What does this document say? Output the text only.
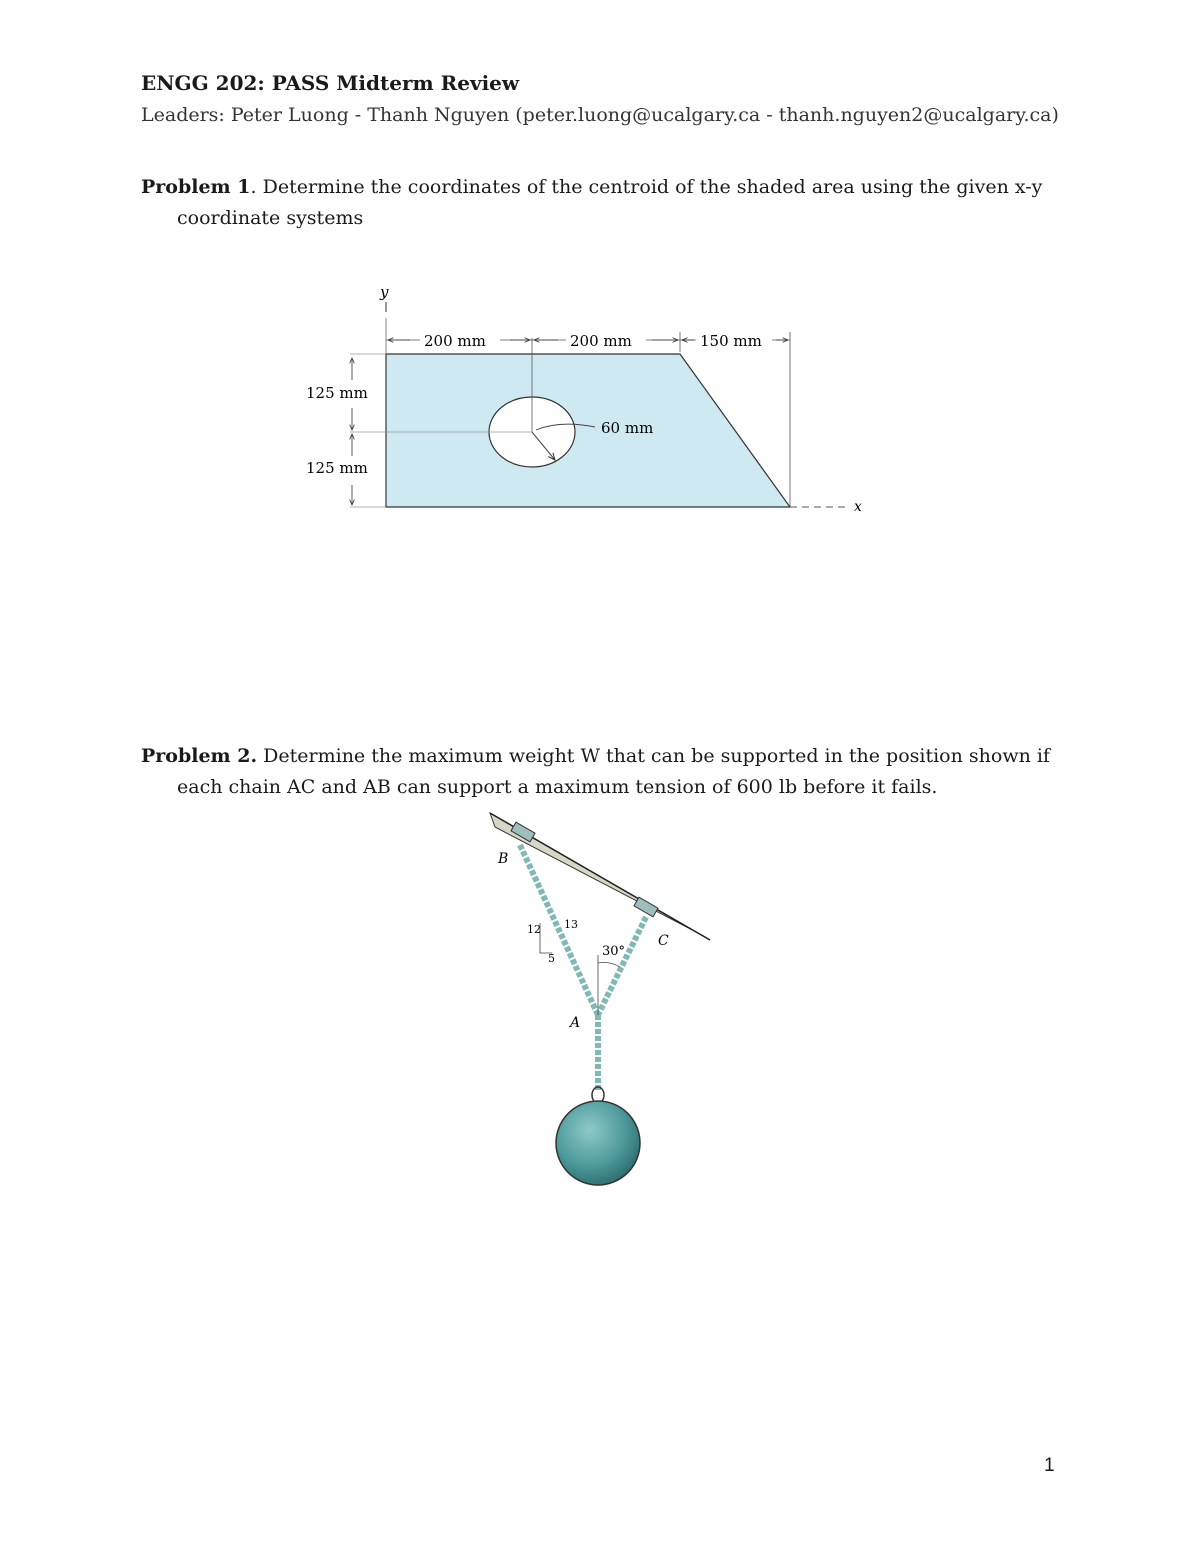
ENGG 202: PASS Midterm Review
Leaders: Peter Luong - Thanh Nguyen (peter.luong@ucalgary.ca - thanh.nguyen2@ucalgary.ca)
Problem 1. Determine the coordinates of the centroid of the shaded area using the given x-y
coordinate systems
y
x
200 mm	200 mm	150 mm
125 mm
125 mm
60 mm
Problem 2. Determine the maximum weight W that can be supported in the position shown if
each chain AC and AB can support a maximum tension of 600 lb before it fails.
B
C
A
12 13
5	30°
1
